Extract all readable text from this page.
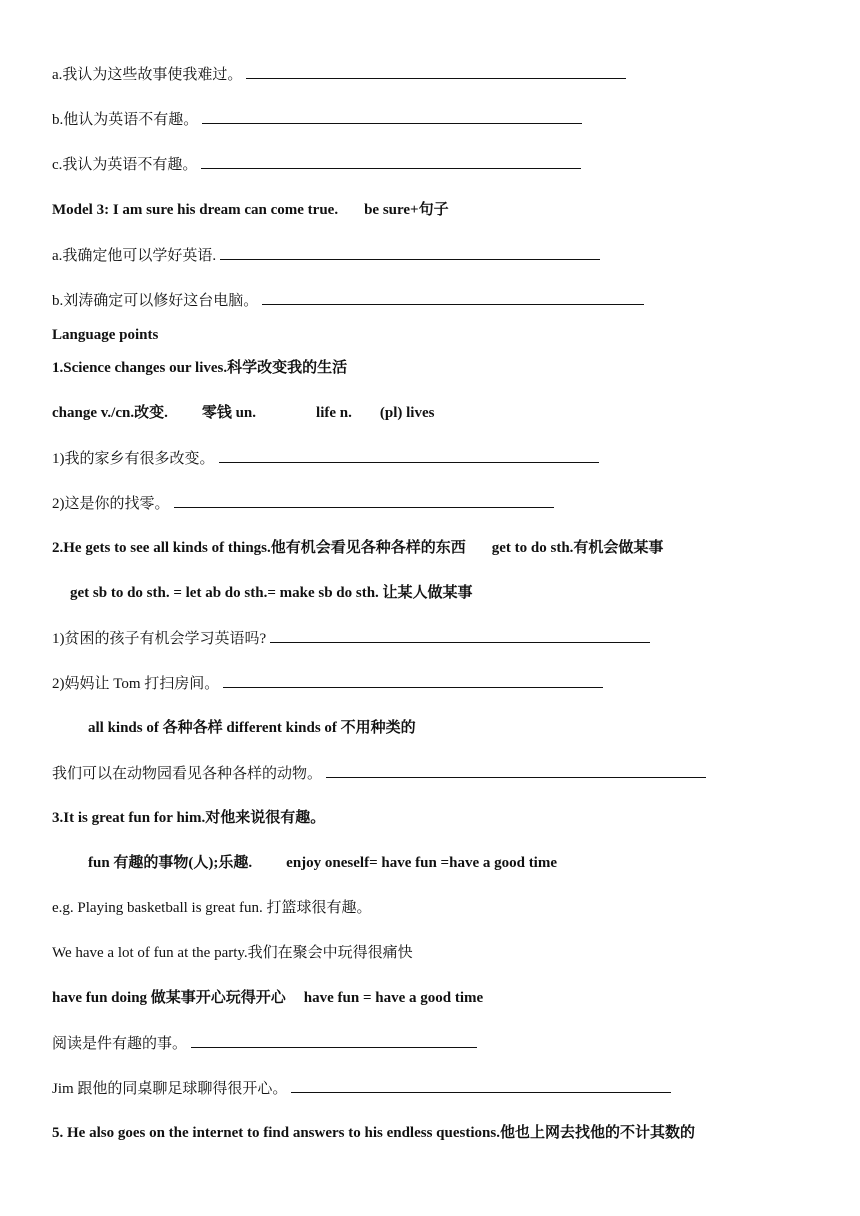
a.我认为这些故事使我难过。
b.他认为英语不有趣。
c.我认为英语不有趣。
Model 3: I am sure his dream can come true. be sure+句子
a.我确定他可以学好英语.
b.刘涛确定可以修好这台电脑。
Language points
1.Science changes our lives.科学改变我的生活
change v./cn.改变. 零钱 un.	life n. (pl) lives
1)我的家乡有很多改变。
2)这是你的找零。
2.He gets to see all kinds of things.他有机会看见各种各样的东西 get to do sth.有机会做某事
get sb to do sth. = let ab do sth.= make sb do sth. 让某人做某事
1)贫困的孩子有机会学习英语吗?
2)妈妈让 Tom 打扫房间。
all kinds of 各种各样 different kinds of 不用种类的
我们可以在动物园看见各种各样的动物。
3.It is great fun for him.对他来说很有趣。
fun 有趣的事物(人);乐趣. enjoy oneself= have fun =have a good time
e.g. Playing basketball is great fun. 打篮球很有趣。
We have a lot of fun at the party.我们在聚会中玩得很痛快
have fun doing 做某事开心玩得开心 have fun = have a good time
阅读是件有趣的事。
Jim 跟他的同桌聊足球聊得很开心。
5. He also goes on the internet to find answers to his endless questions.他也上网去找他的不计其数的
